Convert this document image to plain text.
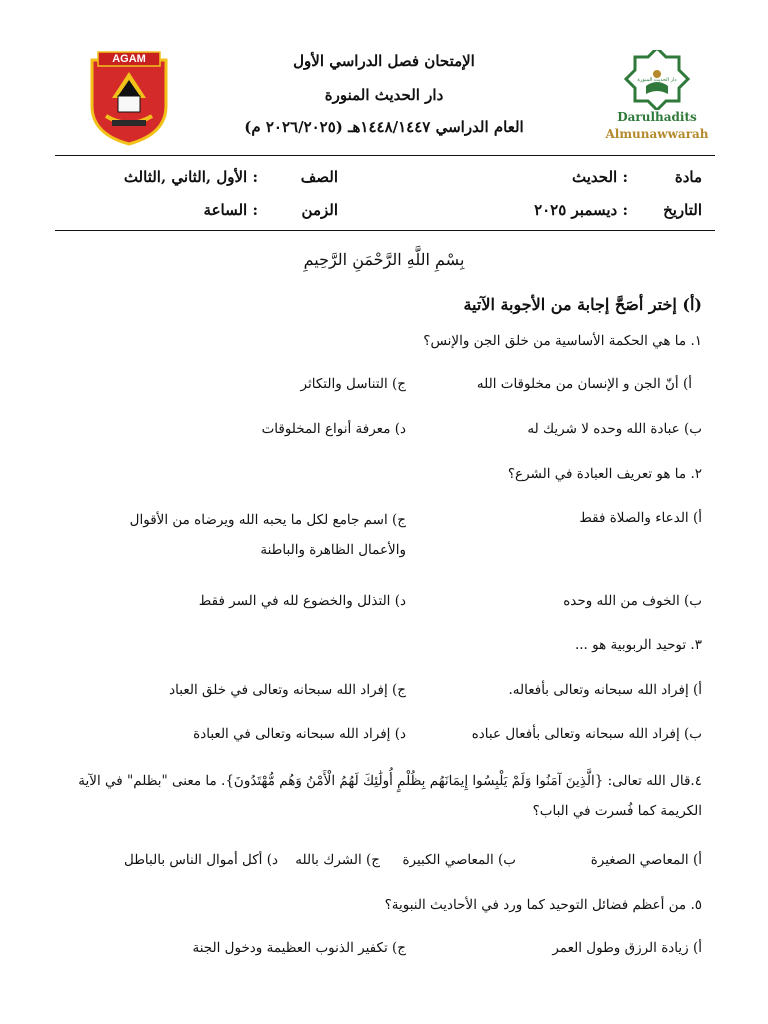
AGAM
دار الحديث المنورة
Darulhadits
Almunawwarah
الإمتحان فصل الدراسي الأول
دار الحديث المنورة
العام الدراسي ١٤٤٨/١٤٤٧هـ (٢٠٢٦/٢٠٢٥ م)
مادة
: الحديث
الصف
: الأول ,الثاني ,الثالث
التاريخ
: ديسمبر ٢٠٢٥
الزمن
: الساعة
بِسْمِ اللَّهِ الرَّحْمَنِ الرَّحِيمِ
(أ) إختر أصَحَّ إجابة من الأجوبة الآتية
١. ما هي الحكمة الأساسية من خلق الجن والإنس؟
أ) أنّ الجن و الإنسان من مخلوقات الله
ج) التناسل والتكاثر
ب) عبادة الله وحده لا شريك له
د) معرفة أنواع المخلوقات
٢. ما هو تعريف العبادة في الشرع؟
أ) الدعاء والصلاة فقط
ج) اسم جامع لكل ما يحبه الله ويرضاه من الأقوال والأعمال الظاهرة والباطنة
ب) الخوف من الله وحده
د) التذلل والخضوع لله في السر فقط
٣. توحيد الربوبية هو ...
أ) إفراد الله سبحانه وتعالى بأفعاله.
ج) إفراد الله سبحانه وتعالى في خلق العباد
ب) إفراد الله سبحانه وتعالى بأفعال عباده
د) إفراد الله سبحانه وتعالى في العبادة
٤.قال الله تعالى: {الَّذِينَ آمَنُوا وَلَمْ يَلْبِسُوا إِيمَانَهُم بِظُلْمٍ أُولَٰئِكَ لَهُمُ الْأَمْنُ وَهُم مُّهْتَدُونَ}. ما معنى "بظلم" في الآية الكريمة كما فُسرت في الباب؟
أ) المعاصي الصغيرة
ب) المعاصي الكبيرة
ج) الشرك بالله
د) أكل أموال الناس بالباطل
٥. من أعظم فضائل التوحيد كما ورد في الأحاديث النبوية؟
أ) زيادة الرزق وطول العمر
ج) تكفير الذنوب العظيمة ودخول الجنة
